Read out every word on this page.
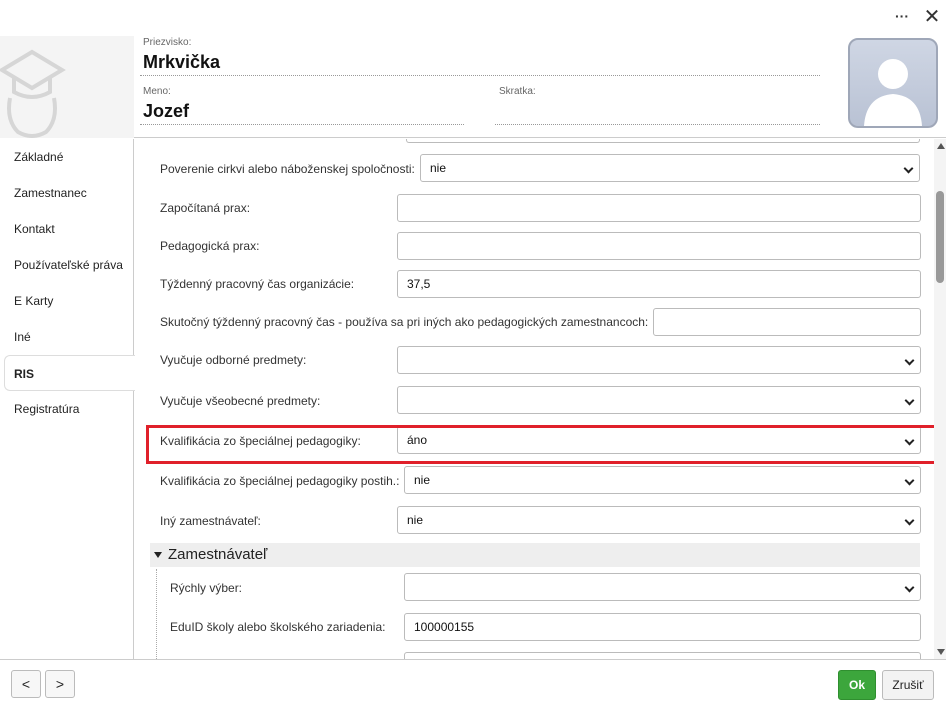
Priezvisko:
Mrkvička
Meno:
Jozef
Skratka:
··· ✕
Základné
Zamestnanec
Kontakt
Používateľské práva
E Karty
Iné
RIS
Registratúra
Poverenie cirkvi alebo náboženskej spoločnosti:	nie
Započítaná prax:
Pedagogická prax:
Týždenný pracovný čas organizácie:	37,5
Skutočný týždenný pracovný čas - používa sa pri iných ako pedagogických zamestnancoch:
Vyučuje odborné predmety:
Vyučuje všeobecné predmety:
Kvalifikácia zo špeciálnej pedagogiky:	áno
Kvalifikácia zo špeciálnej pedagogiky postih.:	nie
Iný zamestnávateľ:	nie
Zamestnávateľ
Rýchly výber:
EduID školy alebo školského zariadenia:	100000155
<	>	Ok	Zrušiť
